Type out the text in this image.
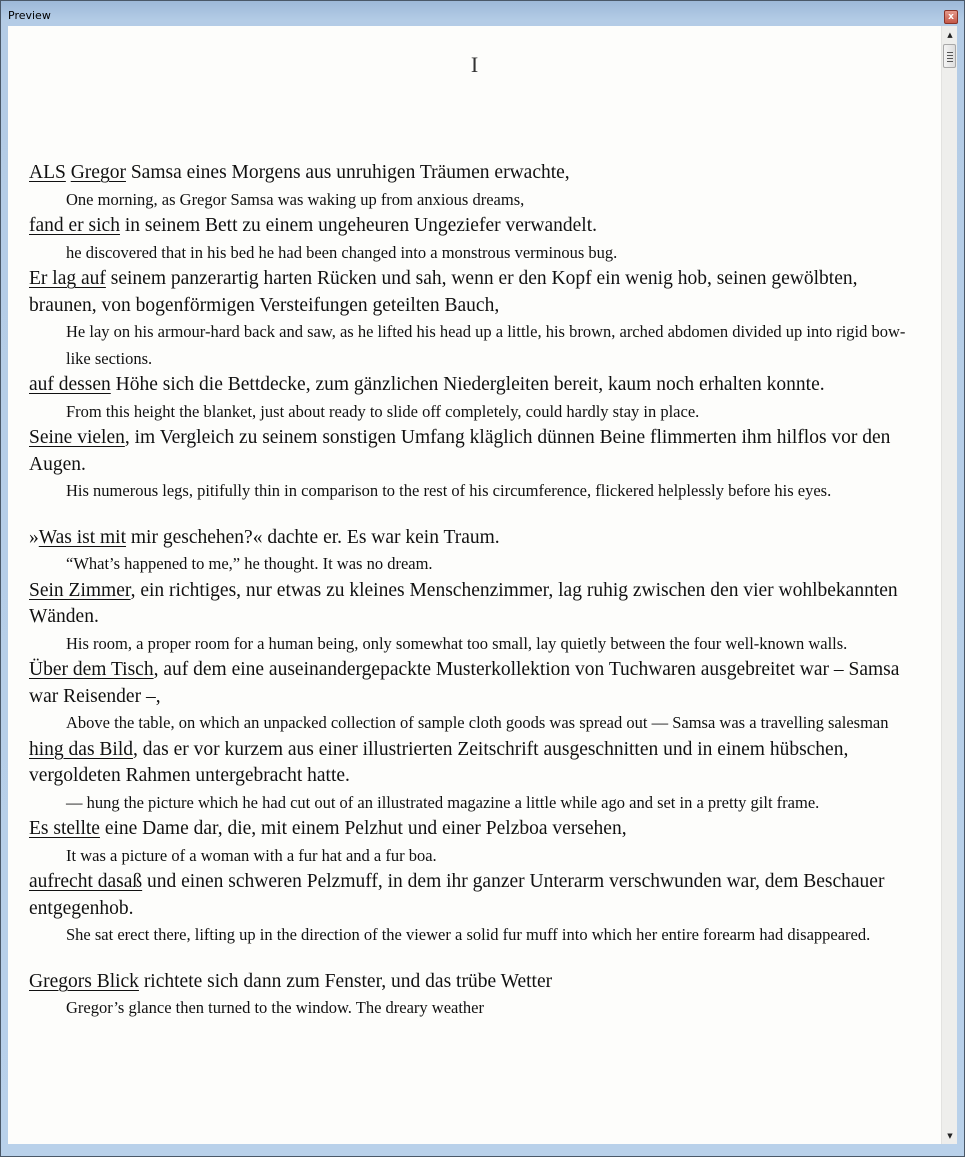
Preview	x
I

ALS Gregor Samsa eines Morgens aus unruhigen Träumen erwachte,

One morning, as Gregor Samsa was waking up from anxious dreams,

fand er sich in seinem Bett zu einem ungeheuren Ungeziefer verwandelt.

he discovered that in his bed he had been changed into a monstrous verminous bug.

Er lag auf seinem panzerartig harten Rücken und sah, wenn er den Kopf ein wenig hob, seinen gewölbten, braunen, von bogenförmigen Versteifungen geteilten Bauch,

He lay on his armour-hard back and saw, as he lifted his head up a little, his brown, arched abdomen divided up into rigid bow-like sections.

auf dessen Höhe sich die Bettdecke, zum gänzlichen Niedergleiten bereit, kaum noch erhalten konnte.

From this height the blanket, just about ready to slide off completely, could hardly stay in place.

Seine vielen, im Vergleich zu seinem sonstigen Umfang kläglich dünnen Beine flimmerten ihm hilflos vor den Augen.

His numerous legs, pitifully thin in comparison to the rest of his circumference, flickered helplessly before his eyes.

»Was ist mit mir geschehen?« dachte er. Es war kein Traum.

“What’s happened to me,” he thought. It was no dream.

Sein Zimmer, ein richtiges, nur etwas zu kleines Menschenzimmer, lag ruhig zwischen den vier wohlbekannten Wänden.

His room, a proper room for a human being, only somewhat too small, lay quietly between the four well-known walls.

Über dem Tisch, auf dem eine auseinandergepackte Musterkollektion von Tuchwaren ausgebreitet war – Samsa war Reisender –,

Above the table, on which an unpacked collection of sample cloth goods was spread out — Samsa was a travelling salesman

hing das Bild, das er vor kurzem aus einer illustrierten Zeitschrift ausgeschnitten und in einem hübschen, vergoldeten Rahmen untergebracht hatte.

— hung the picture which he had cut out of an illustrated magazine a little while ago and set in a pretty gilt frame.

Es stellte eine Dame dar, die, mit einem Pelzhut und einer Pelzboa versehen,

It was a picture of a woman with a fur hat and a fur boa.

aufrecht dasaß und einen schweren Pelzmuff, in dem ihr ganzer Unterarm verschwunden war, dem Beschauer entgegenhob.

She sat erect there, lifting up in the direction of the viewer a solid fur muff into which her entire forearm had disappeared.

Gregors Blick richtete sich dann zum Fenster, und das trübe Wetter

Gregor’s glance then turned to the window. The dreary weather

▲
▼
